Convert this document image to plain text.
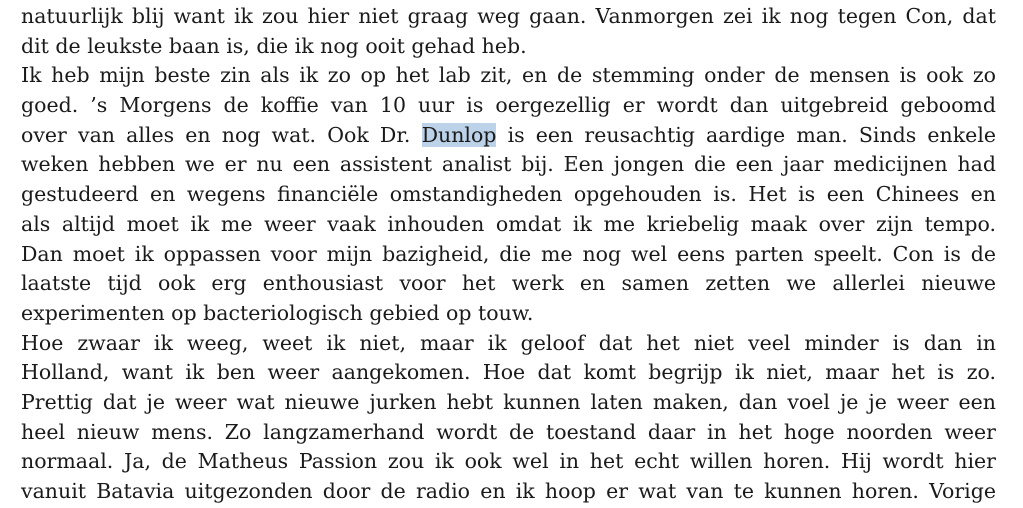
natuurlijk blij want ik zou hier niet graag weg gaan. Vanmorgen zei ik nog tegen Con, dat
dit de leukste baan is, die ik nog ooit gehad heb.
Ik heb mijn beste zin als ik zo op het lab zit, en de stemming onder de mensen is ook zo
goed. ’s Morgens de koffie van 10 uur is oergezellig er wordt dan uitgebreid geboomd
over van alles en nog wat. Ook Dr. Dunlop is een reusachtig aardige man. Sinds enkele
weken hebben we er nu een assistent analist bij. Een jongen die een jaar medicijnen had
gestudeerd en wegens financiële omstandigheden opgehouden is. Het is een Chinees en
als altijd moet ik me weer vaak inhouden omdat ik me kriebelig maak over zijn tempo.
Dan moet ik oppassen voor mijn bazigheid, die me nog wel eens parten speelt. Con is de
laatste tijd ook erg enthousiast voor het werk en samen zetten we allerlei nieuwe
experimenten op bacteriologisch gebied op touw.
Hoe zwaar ik weeg, weet ik niet, maar ik geloof dat het niet veel minder is dan in
Holland, want ik ben weer aangekomen. Hoe dat komt begrijp ik niet, maar het is zo.
Prettig dat je weer wat nieuwe jurken hebt kunnen laten maken, dan voel je je weer een
heel nieuw mens. Zo langzamerhand wordt de toestand daar in het hoge noorden weer
normaal. Ja, de Matheus Passion zou ik ook wel in het echt willen horen. Hij wordt hier
vanuit Batavia uitgezonden door de radio en ik hoop er wat van te kunnen horen. Vorige
